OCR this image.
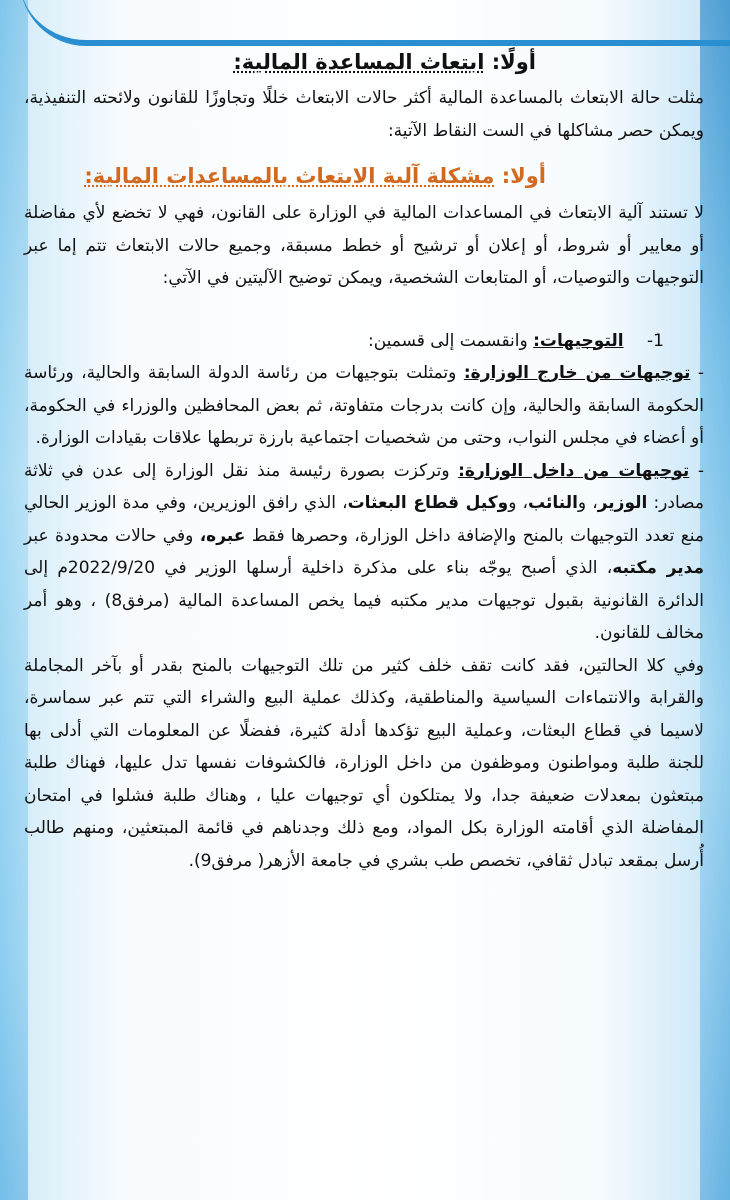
أولًا: ابتعاث المساعدة المالية:

مثلت حالة الابتعاث بالمساعدة المالية أكثر حالات الابتعاث خللًا وتجاوزًا للقانون ولائحته التنفيذية، ويمكن حصر مشاكلها في الست النقاط الآتية:

أولا: مشكلة آلية الابتعاث بالمساعدات المالية:

لا تستند آلية الابتعاث في المساعدات المالية في الوزارة على القانون، فهي لا تخضع لأي مفاضلة أو معايير أو شروط، أو إعلان أو ترشيح أو خطط مسبقة، وجميع حالات الابتعاث تتم إما عبر التوجيهات والتوصيات، أو المتابعات الشخصية، ويمكن توضيح الآليتين في الآتي:

1- التوجيهات: وانقسمت إلى قسمين:

- توجيهات من خارج الوزارة: وتمثلت بتوجيهات من رئاسة الدولة السابقة والحالية، ورئاسة الحكومة السابقة والحالية، وإن كانت بدرجات متفاوتة، ثم بعض المحافظين والوزراء في الحكومة، أو أعضاء في مجلس النواب، وحتى من شخصيات اجتماعية بارزة تربطها علاقات بقيادات الوزارة.

- توجيهات من داخل الوزارة: وتركزت بصورة رئيسة منذ نقل الوزارة إلى عدن في ثلاثة مصادر: الوزير، والنائب، ووكيل قطاع البعثات، الذي رافق الوزيرين، وفي مدة الوزير الحالي منع تعدد التوجيهات بالمنح والإضافة داخل الوزارة، وحصرها فقط عبره، وفي حالات محدودة عبر مدير مكتبه، الذي أصبح يوجّه بناء على مذكرة داخلية أرسلها الوزير في 2022/9/20م إلى الدائرة القانونية بقبول توجيهات مدير مكتبه فيما يخص المساعدة المالية (مرفق8) ، وهو أمر مخالف للقانون.

وفي كلا الحالتين، فقد كانت تقف خلف كثير من تلك التوجيهات بالمنح بقدر أو بآخر المجاملة والقرابة والانتماءات السياسية والمناطقية، وكذلك عملية البيع والشراء التي تتم عبر سماسرة، لاسيما في قطاع البعثات، وعملية البيع تؤكدها أدلة كثيرة، ففضلًا عن المعلومات التي أدلى بها للجنة طلبة ومواطنون وموظفون من داخل الوزارة، فالكشوفات نفسها تدل عليها، فهناك طلبة مبتعثون بمعدلات ضعيفة جدا، ولا يمتلكون أي توجيهات عليا ، وهناك طلبة فشلوا في امتحان المفاضلة الذي أقامته الوزارة بكل المواد، ومع ذلك وجدناهم في قائمة المبتعثين، ومنهم طالب أُرسل بمقعد تبادل ثقافي، تخصص طب بشري في جامعة الأزهر( مرفق9).
